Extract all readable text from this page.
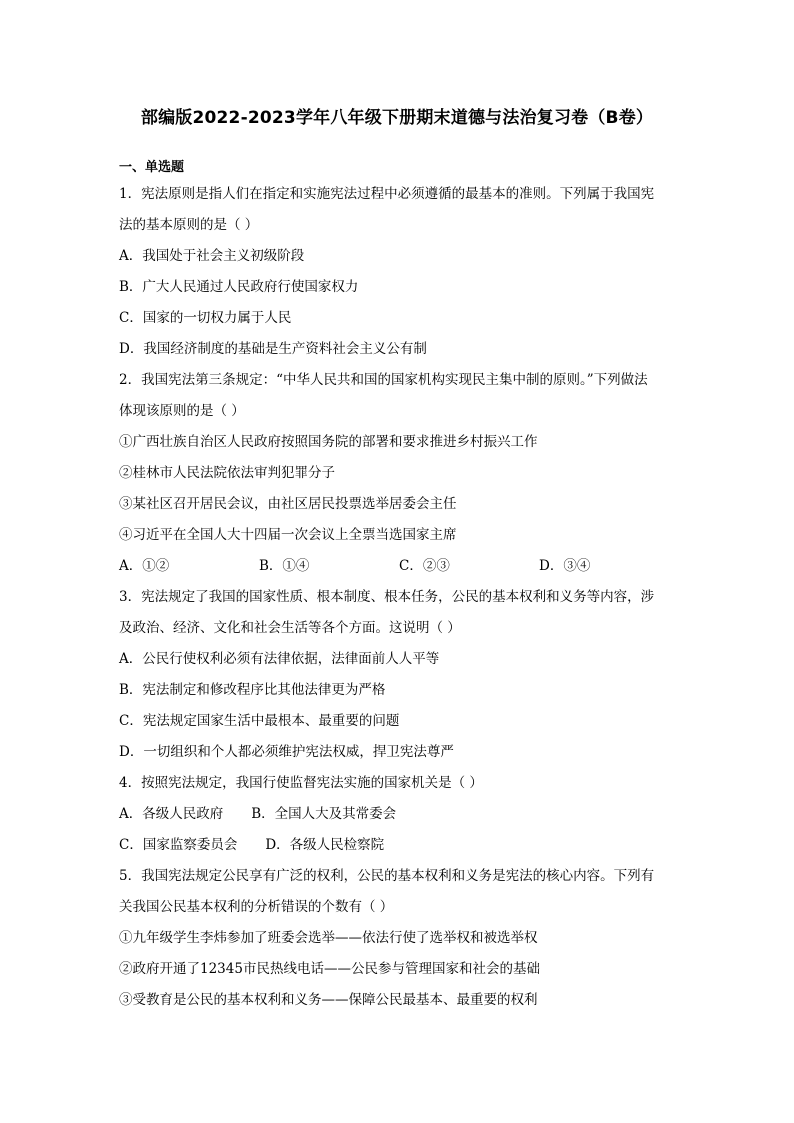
部编版2022-2023学年八年级下册期末道德与法治复习卷（B卷）
一、单选题
1．宪法原则是指人们在指定和实施宪法过程中必须遵循的最基本的准则。下列属于我国宪
法的基本原则的是（ ）
A．我国处于社会主义初级阶段
B．广大人民通过人民政府行使国家权力
C．国家的一切权力属于人民
D．我国经济制度的基础是生产资料社会主义公有制
2．我国宪法第三条规定：“中华人民共和国的国家机构实现民主集中制的原则。”下列做法
体现该原则的是（ ）
①广西壮族自治区人民政府按照国务院的部署和要求推进乡村振兴工作
②桂林市人民法院依法审判犯罪分子
③某社区召开居民会议，由社区居民投票选举居委会主任
④习近平在全国人大十四届一次会议上全票当选国家主席
A．①②	B．①④	C．②③	D．③④
3．宪法规定了我国的国家性质、根本制度、根本任务，公民的基本权利和义务等内容，涉
及政治、经济、文化和社会生活等各个方面。这说明（ ）
A．公民行使权利必须有法律依据，法律面前人人平等
B．宪法制定和修改程序比其他法律更为严格
C．宪法规定国家生活中最根本、最重要的问题
D．一切组织和个人都必须维护宪法权威，捍卫宪法尊严
4．按照宪法规定，我国行使监督宪法实施的国家机关是（ ）
A．各级人民政府 B．全国人大及其常委会
C．国家监察委员会 D．各级人民检察院
5．我国宪法规定公民享有广泛的权利，公民的基本权利和义务是宪法的核心内容。下列有
关我国公民基本权利的分析错误的个数有（ ）
①九年级学生李炜参加了班委会选举——依法行使了选举权和被选举权
②政府开通了12345市民热线电话——公民参与管理国家和社会的基础
③受教育是公民的基本权利和义务——保障公民最基本、最重要的权利
